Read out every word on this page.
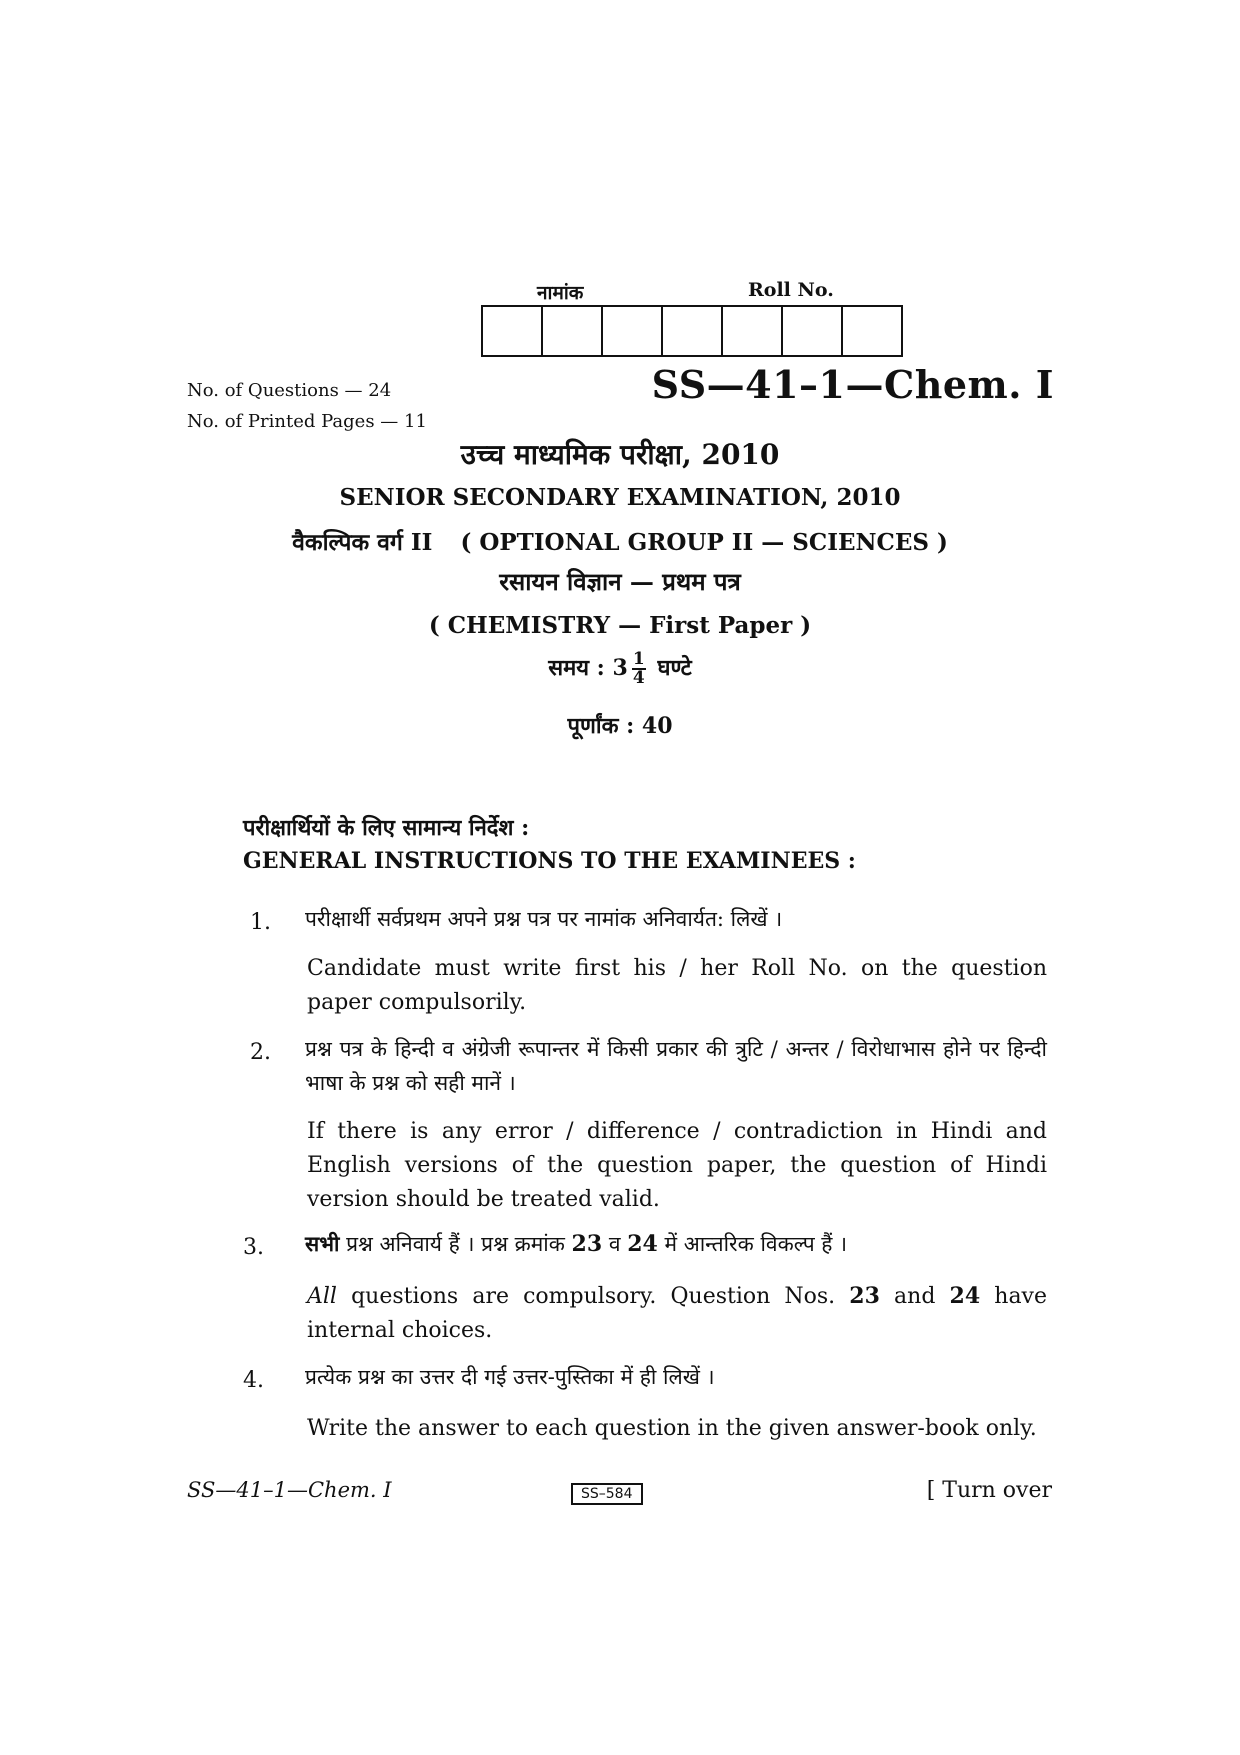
नामांक	Roll No.
No. of Questions — 24
No. of Printed Pages — 11
SS—41–1—Chem. I
उच्च माध्यमिक परीक्षा, 2010
SENIOR SECONDARY EXAMINATION, 2010
वैकल्पिक वर्ग II ( OPTIONAL GROUP II — SCIENCES )
रसायन विज्ञान — प्रथम पत्र
( CHEMISTRY — First Paper )
समय : $3 \frac{1}{4}$ घण्टे
पूर्णांक : 40
परीक्षार्थियों के लिए सामान्य निर्देश :
GENERAL INSTRUCTIONS TO THE EXAMINEES :
1. परीक्षार्थी सर्वप्रथम अपने प्रश्न पत्र पर नामांक अनिवार्यत: लिखें ।
Candidate must write first his / her Roll No. on the question paper compulsorily.
2. प्रश्न पत्र के हिन्दी व अंग्रेजी रूपान्तर में किसी प्रकार की त्रुटि / अन्तर / विरोधाभास होने पर हिन्दी भाषा के प्रश्न को सही मानें ।
If there is any error / difference / contradiction in Hindi and English versions of the question paper, the question of Hindi version should be treated valid.
3. सभी प्रश्न अनिवार्य हैं । प्रश्न क्रमांक 23 व 24 में आन्तरिक विकल्प हैं ।
All questions are compulsory. Question Nos. 23 and 24 have internal choices.
4. प्रत्येक प्रश्न का उत्तर दी गई उत्तर-पुस्तिका में ही लिखें ।
Write the answer to each question in the given answer-book only.
SS—41–1—Chem. I	SS–584	[ Turn over
